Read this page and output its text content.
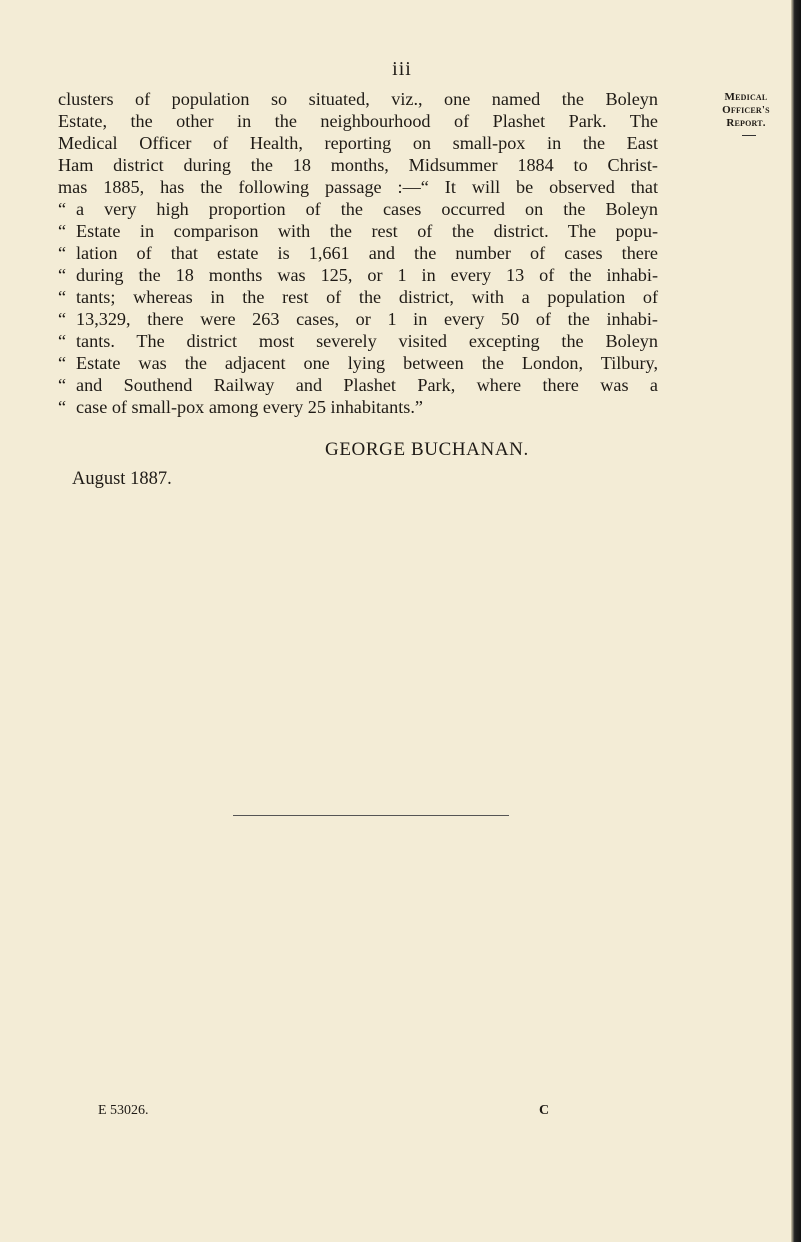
iii
Medical
Officer's
Report.
clusters of population so situated, viz., one named the Boleyn
Estate, the other in the neighbourhood of Plashet Park. The
Medical Officer of Health, reporting on small-pox in the East
Ham district during the 18 months, Midsummer 1884 to Christ-
mas 1885, has the following passage :—“ It will be observed that
“ a very high proportion of the cases occurred on the Boleyn
“ Estate in comparison with the rest of the district. The popu-
“ lation of that estate is 1,661 and the number of cases there
“ during the 18 months was 125, or 1 in every 13 of the inhabi-
“ tants; whereas in the rest of the district, with a population of
“ 13,329, there were 263 cases, or 1 in every 50 of the inhabi-
“ tants. The district most severely visited excepting the Boleyn
“ Estate was the adjacent one lying between the London, Tilbury,
“ and Southend Railway and Plashet Park, where there was a
“ case of small-pox among every 25 inhabitants.”
GEORGE BUCHANAN.
August 1887.
E 53026.	C
